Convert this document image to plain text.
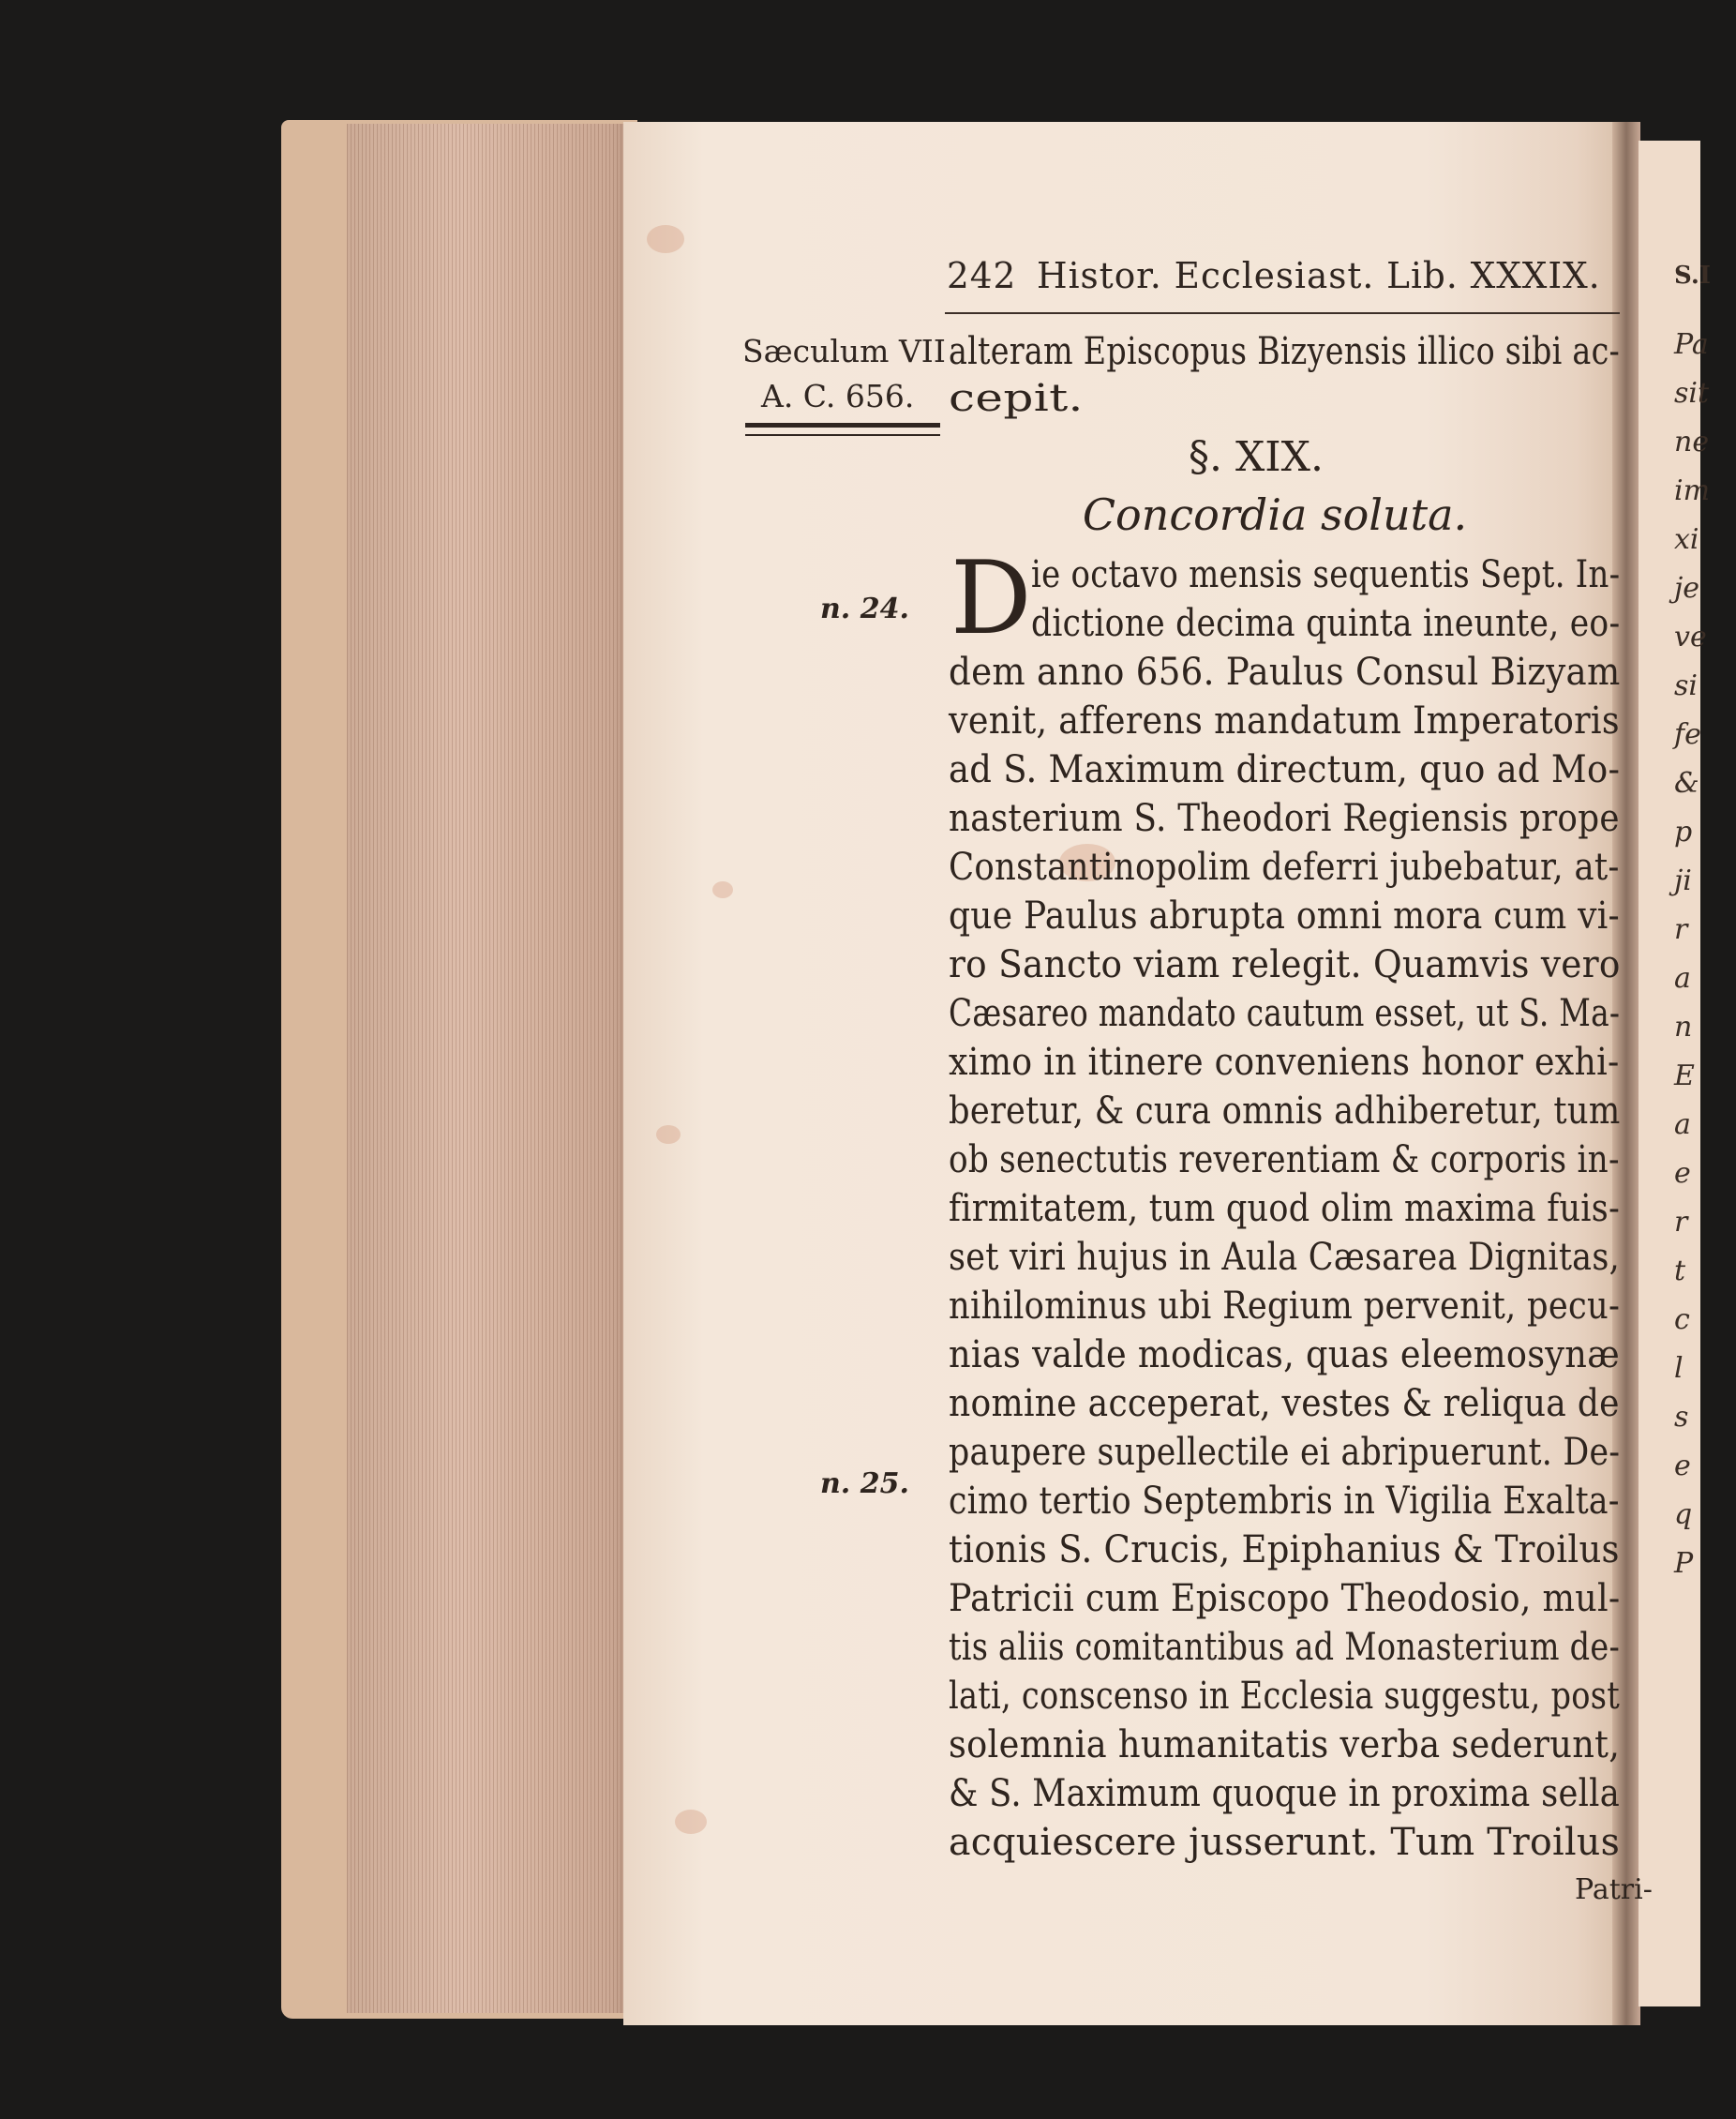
S.I
Pa
sit
ne
im
xi
je
ve
si
fe
&
p
ji
r
a
n
E
a
e
r
t
c
l
s
e
q
P
242 Histor. Ecclesiast. Lib. XXXIX.
Sæculum VII
A. C. 656.
alteram Episcopus Bizyensis illico sibi ac-
cepit.
§. XIX.
Concordia soluta.
n. 24.
n. 25.
D ie octavo mensis sequentis Sept. In-
dictione decima quinta ineunte, eo-
dem anno 656. Paulus Consul Bizyam
venit, afferens mandatum Imperatoris
ad S. Maximum directum, quo ad Mo-
nasterium S. Theodori Regiensis prope
Constantinopolim deferri jubebatur, at-
que Paulus abrupta omni mora cum vi-
ro Sancto viam relegit. Quamvis vero
Cæsareo mandato cautum esset, ut S. Ma-
ximo in itinere conveniens honor exhi-
beretur, & cura omnis adhiberetur, tum
ob senectutis reverentiam & corporis in-
firmitatem, tum quod olim maxima fuis-
set viri hujus in Aula Cæsarea Dignitas,
nihilominus ubi Regium pervenit, pecu-
nias valde modicas, quas eleemosynæ
nomine acceperat, vestes & reliqua de
paupere supellectile ei abripuerunt. De-
cimo tertio Septembris in Vigilia Exalta-
tionis S. Crucis, Epiphanius & Troilus
Patricii cum Episcopo Theodosio, mul-
tis aliis comitantibus ad Monasterium de-
lati, conscenso in Ecclesia suggestu, post
solemnia humanitatis verba sederunt,
& S. Maximum quoque in proxima sella
acquiescere jusserunt. Tum Troilus
Patri-
